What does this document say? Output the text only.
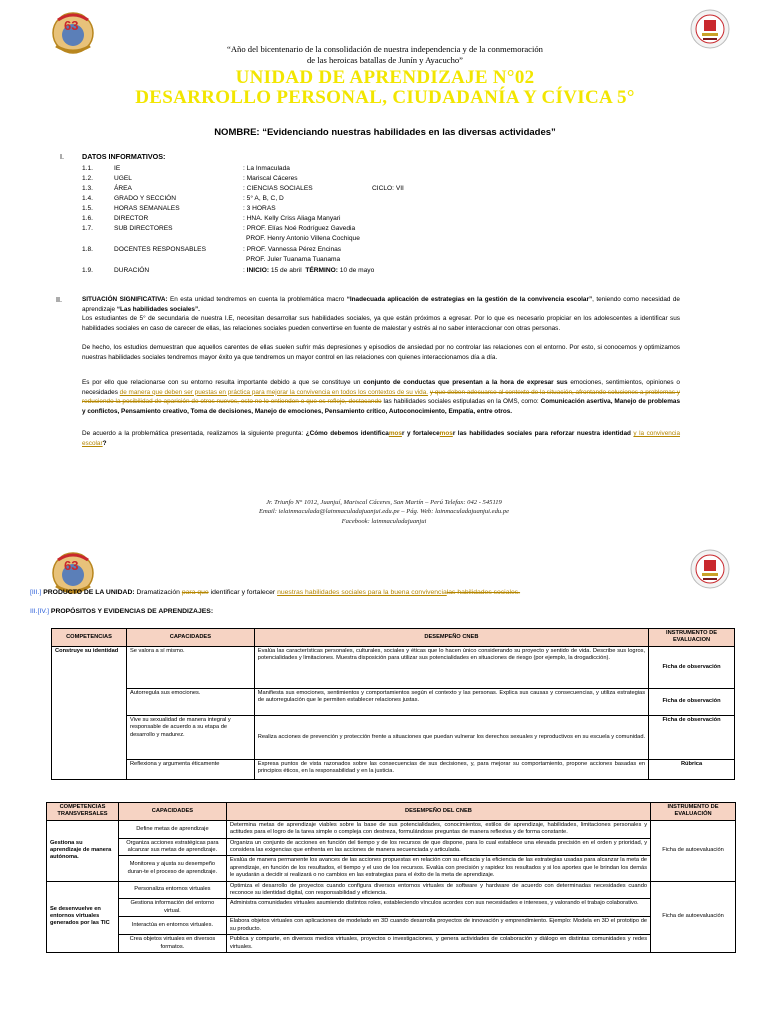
63
“Año del bicentenario de la consolidación de nuestra independencia y de la conmemoración
de las heroicas batallas de Junín y Ayacucho”
UNIDAD DE APRENDIZAJE N°02
DESARROLLO PERSONAL, CIUDADANÍA Y CÍVICA 5°
NOMBRE: “Evidenciando nuestras habilidades en las diversas actividades”
I.	DATOS INFORMATIVOS:
1.1.	IE	: La Inmaculada
1.2.	UGEL	: Mariscal Cáceres
1.3.	ÁREA	: CIENCIAS SOCIALES	CICLO: VII
1.4.	GRADO Y SECCIÓN	: 5° A, B, C, D
1.5.	HORAS SEMANALES	: 3 HORAS
1.6.	DIRECTOR	: HNA. Kelly Criss Aliaga Manyari
1.7.	SUB DIRECTORES	: PROF. Elías Noé Rodríguez Gavedia
PROF. Henry Antonio Villena Cochique
1.8.	DOCENTES RESPONSABLES	: PROF. Vannessa Pérez Encinas
PROF. Juler Tuanama Tuanama
1.9.	DURACIÓN	: INICIO: 15 de abril TÉRMINO: 10 de mayo
II.	SITUACIÓN SIGNIFICATIVA: En esta unidad tendremos en cuenta la problemática macro “Inadecuada aplicación de estrategias en la gestión de la convivencia escolar”, teniendo como necesidad de aprendizaje “Las habilidades sociales”.
Los estudiantes de 5° de secundaria de nuestra I.E, necesitan desarrollar sus habilidades sociales, ya que están próximos a egresar. Por lo que es necesario propiciar en los adolescentes a identificar sus habilidades sociales en caso de carecer de ellas, las relaciones sociales pueden convertirse en fuente de malestar y estrés al no saber interaccionar con otras personas.
De hecho, los estudios demuestran que aquellos carentes de ellas suelen sufrir más depresiones y episodios de ansiedad por no controlar las relaciones con el entorno. Por esto, si conocemos y optimizamos nuestras habilidades sociales tendremos mayor éxito ya que tendremos un mayor control en las relaciones con quienes interaccionamos día a día.
Es por ello que relacionarse con su entorno resulta importante debido a que se constituye un conjunto de conductas que presentan a la hora de expresar sus emociones, sentimientos, opiniones o necesidades de manera que deben ser puestas en práctica para mejorar la convivencia en todos los contextos de su vida. y que deben adecuarse al contexto de la situación, afrontando soluciones a problemas y reduciendo la posibilidad de aparición de otros nuevos, esto no lo entienden o que es reflejo, destacando las habilidades sociales estipuladas en la OMS, como: Comunicación asertiva, Manejo de problemas y conflictos, Pensamiento creativo, Toma de decisiones, Manejo de emociones, Pensamiento crítico, Autoconocimiento, Empatía, entre otros.
De acuerdo a la problemática presentada, realizamos la siguiente pregunta: ¿Cómo debemos identificamosr y fortalecemosr las habilidades sociales para reforzar nuestra identidad y la convivencia escolar?
Jr. Triunfo N° 1012, Juanjuí, Mariscal Cáceres, San Martín – Perú Telefax: 042 - 545119
Email: ielainmaculada@lainmaculadajuanjui.edu.pe – Pág. Web: lainmaculadajuanjui.edu.pe
Facebook: lainmaculadajuanjui
63
[III.] PRODUCTO DE LA UNIDAD: Dramatización para que identificar y fortalecer nuestras habilidades sociales para la buena convivencialas habilidades sociales.
III.[IV.] PROPÓSITOS Y EVIDENCIAS DE APRENDIZAJES:
COMPETENCIAS	CAPACIDADES	DESEMPEÑO CNEB	INSTRUMENTO DE EVALUACION
Construye su identidad	Se valora a sí mismo.	Evalúa las características personales, culturales, sociales y éticas que lo hacen único considerando su proyecto y sentido de vida. Describe sus logros, potencialidades y limitaciones. Muestra disposición para utilizar sus potencialidades en situaciones de riesgo (por ejemplo, la drogadicción).	Ficha de observación
	Autorregula sus emociones.	Manifiesta sus emociones, sentimientos y comportamientos según el contexto y las personas. Explica sus causas y consecuencias, y utiliza estrategias de autorregulación que le permiten establecer relaciones justas.	Ficha de observación
	Vive su sexualidad de manera integral y responsable de acuerdo a su etapa de desarrollo y madurez.	Realiza acciones de prevención y protección frente a situaciones que puedan vulnerar los derechos sexuales y reproductivos en su escuela y comunidad.	Ficha de observación
	Reflexiona y argumenta éticamente	Expresa puntos de vista razonados sobre las consecuencias de sus decisiones, y, para mejorar su comportamiento, propone acciones basadas en principios éticos, en la responsabilidad y en la justicia.	Rúbrica
COMPETENCIAS TRANSVERSALES	CAPACIDADES	DESEMPEÑO DEL CNEB	INSTRUMENTO DE EVALUACIÓN
Gestiona su aprendizaje de manera autónoma.	Define metas de aprendizaje	Determina metas de aprendizaje viables sobre la base de sus potencialidades, conocimientos, estilos de aprendizaje, habilidades, limitaciones personales y actitudes para el logro de la tarea simple o compleja con destreza, formulándose preguntas de manera reflexiva y de forma constante.	Ficha de autoevaluación
	Organiza acciones estratégicas para alcanzar sus metas de aprendizaje.	Organiza un conjunto de acciones en función del tiempo y de los recursos de que dispone, para lo cual establece una elevada precisión en el orden y prioridad, y considera las exigencias que enfrenta en las acciones de manera secuenciada y articulada.	
	Monitorea y ajusta su desempeño duran-te el proceso de aprendizaje.	Evalúa de manera permanente los avances de las acciones propuestas en relación con su eficacia y la eficiencia de las estrategias usadas para alcanzar la meta de aprendizaje, en función de los resultados, el tiempo y el uso de los recursos. Evalúa con precisión y rapidez los resultados y si los aportes que le brindan los demás le ayudarán a decidir si realizará o no cambios en las estrategias para el éxito de la meta de aprendizaje.	
Se desenvuelve en entornos virtuales generados por las TIC	Personaliza entornos virtuales	Optimiza el desarrollo de proyectos cuando configura diversos entornos virtuales de software y hardware de acuerdo con determinadas necesidades cuando reconoce su identidad digital, con responsabilidad y eficiencia.	Ficha de autoevaluación
	Gestiona información del entorno virtual.	Administra comunidades virtuales asumiendo distintos roles, estableciendo vínculos acordes con sus necesidades e intereses, y valorando el trabajo colaborativo.	
	Interactúa en entornos virtuales.	Elabora objetos virtuales con aplicaciones de modelado en 3D cuando desarrolla proyectos de innovación y emprendimiento. Ejemplo: Modela en 3D el prototipo de su producto.	
	Crea objetos virtuales en diversos formatos.	Publica y comparte, en diversos medios virtuales, proyectos o investigaciones, y genera actividades de colaboración y diálogo en distintas comunidades y redes virtuales.	
